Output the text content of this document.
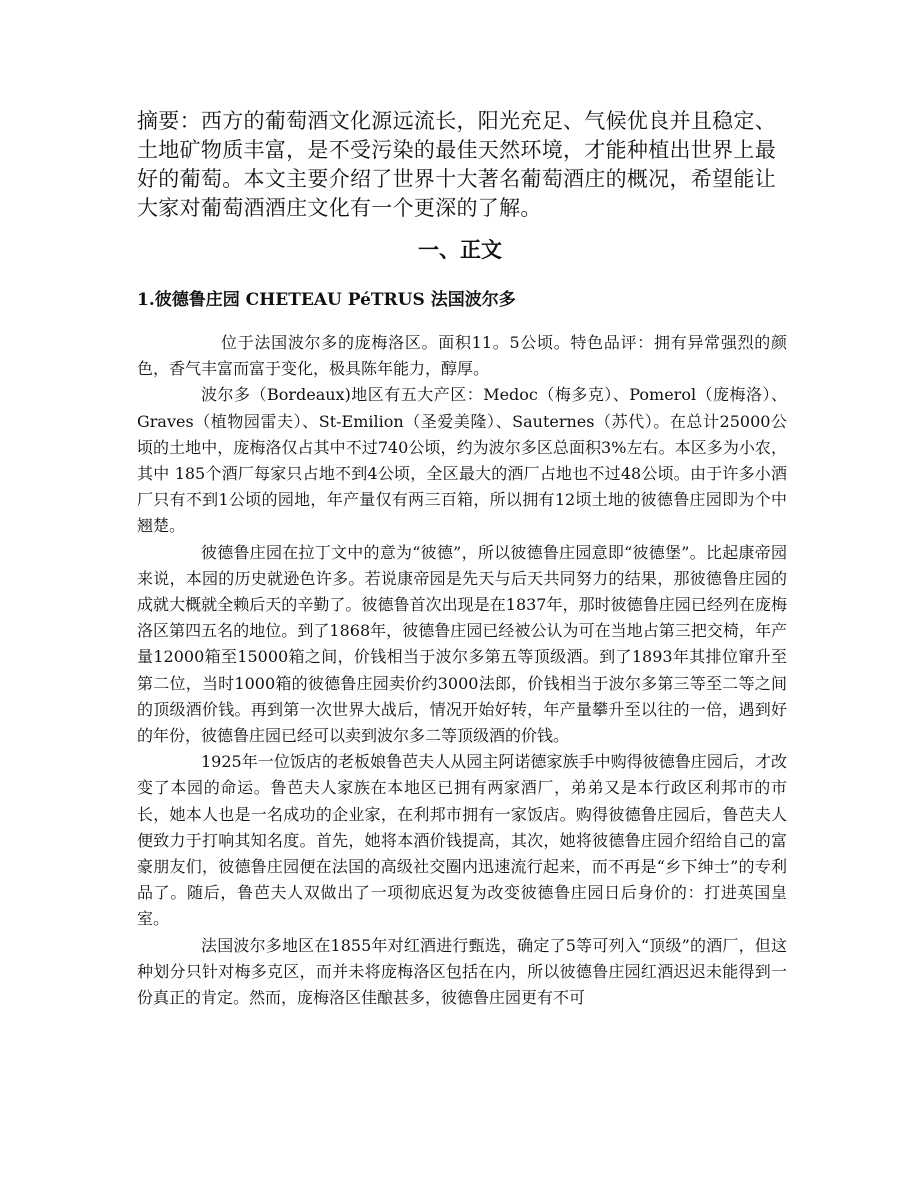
摘要：西方的葡萄酒文化源远流长，阳光充足、气候优良并且稳定、土地矿物质丰富，是不受污染的最佳天然环境，才能种植出世界上最好的葡萄。本文主要介绍了世界十大著名葡萄酒庄的概况，希望能让大家对葡萄酒酒庄文化有一个更深的了解。

一、正文
1.彼德鲁庄园 CHETEAU PéTRUS 法国波尔多

位于法国波尔多的庞梅洛区。面积11。5公顷。特色品评：拥有异常强烈的颜色，香气丰富而富于变化，极具陈年能力，醇厚。

波尔多（Bordeaux)地区有五大产区：Medoc（梅多克）、Pomerol（庞梅洛）、Graves（植物园雷夫）、St-Emilion（圣爱美隆）、Sauternes（苏代）。在总计25000公顷的土地中，庞梅洛仅占其中不过740公顷，约为波尔多区总面积3%左右。本区多为小农，其中 185个酒厂每家只占地不到4公顷，全区最大的酒厂占地也不过48公顷。由于许多小酒厂只有不到1公顷的园地，年产量仅有两三百箱，所以拥有12顷土地的彼德鲁庄园即为个中翘楚。

彼德鲁庄园在拉丁文中的意为“彼德”，所以彼德鲁庄园意即“彼德堡”。比起康帝园来说，本园的历史就逊色许多。若说康帝园是先天与后天共同努力的结果，那彼德鲁庄园的成就大概就全赖后天的辛勤了。彼德鲁首次出现是在1837年，那时彼德鲁庄园已经列在庞梅洛区第四五名的地位。到了1868年，彼德鲁庄园已经被公认为可在当地占第三把交椅，年产量12000箱至15000箱之间，价钱相当于波尔多第五等顶级酒。到了1893年其排位窜升至第二位，当时1000箱的彼德鲁庄园卖价约3000法郎，价钱相当于波尔多第三等至二等之间的顶级酒价钱。再到第一次世界大战后，情况开始好转，年产量攀升至以往的一倍，遇到好的年份，彼德鲁庄园已经可以卖到波尔多二等顶级酒的价钱。

1925年一位饭店的老板娘鲁芭夫人从园主阿诺德家族手中购得彼德鲁庄园后，才改变了本园的命运。鲁芭夫人家族在本地区已拥有两家酒厂，弟弟又是本行政区利邦市的市长，她本人也是一名成功的企业家，在利邦市拥有一家饭店。购得彼德鲁庄园后，鲁芭夫人便致力于打响其知名度。首先，她将本酒价钱提高，其次，她将彼德鲁庄园介绍给自己的富豪朋友们，彼德鲁庄园便在法国的高级社交圈内迅速流行起来，而不再是“乡下绅士”的专利品了。随后，鲁芭夫人双做出了一项彻底迟复为改变彼德鲁庄园日后身价的：打进英国皇室。

法国波尔多地区在1855年对红酒进行甄选，确定了5等可列入“顶级”的酒厂，但这种划分只针对梅多克区，而并未将庞梅洛区包括在内，所以彼德鲁庄园红酒迟迟未能得到一份真正的肯定。然而，庞梅洛区佳酿甚多，彼德鲁庄园更有不可
